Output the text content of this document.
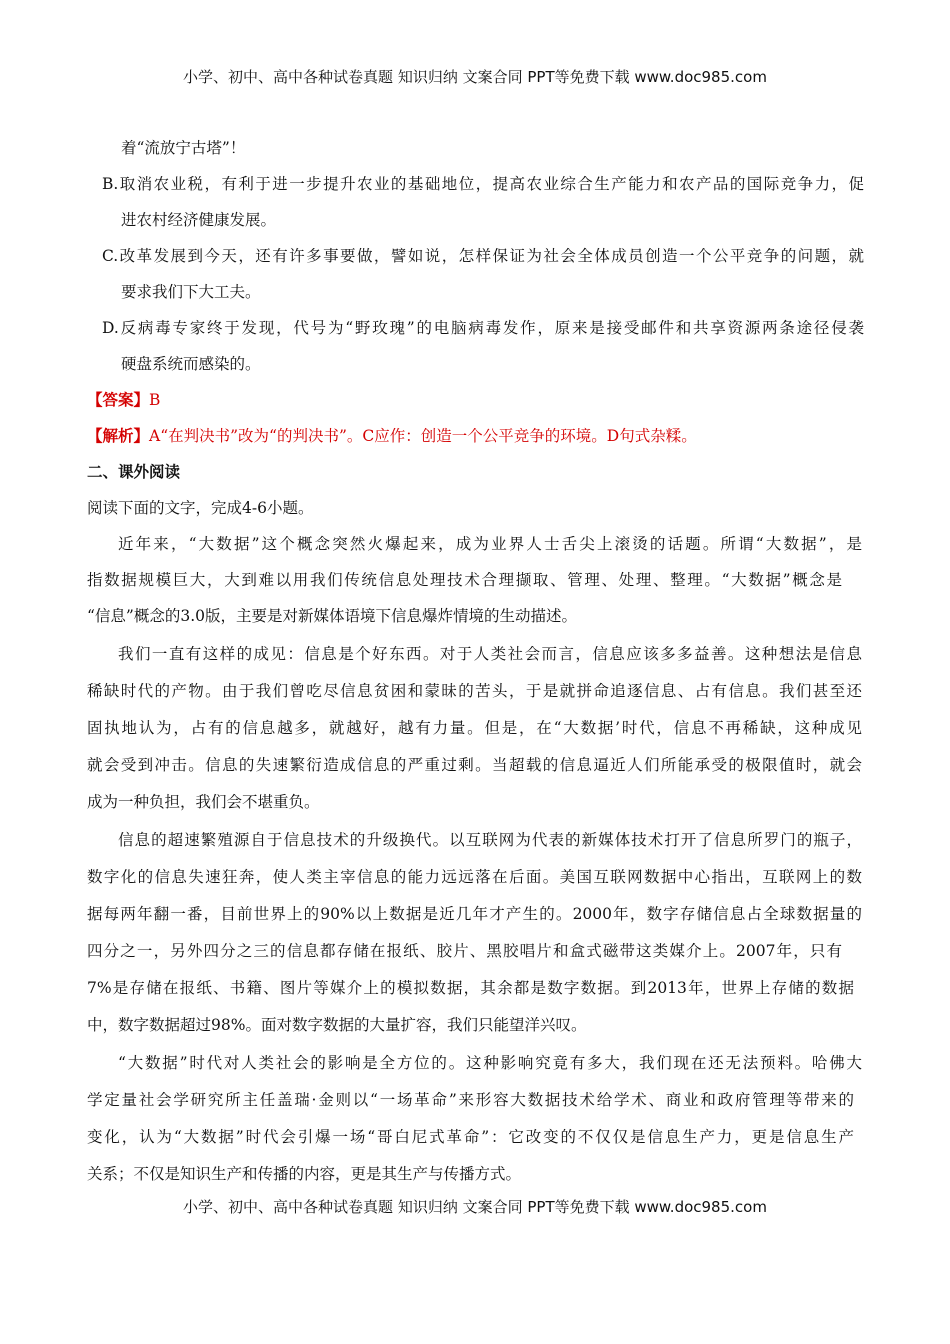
小学、初中、高中各种试卷真题 知识归纳 文案合同 PPT等免费下载 www.doc985.com
着“流放宁古塔”！
B.取消农业税，有利于进一步提升农业的基础地位，提高农业综合生产能力和农产品的国际竞争力，促
进农村经济健康发展。
C.改革发展到今天，还有许多事要做，譬如说，怎样保证为社会全体成员创造一个公平竞争的问题，就
要求我们下大工夫。
D.反病毒专家终于发现，代号为“野玫瑰”的电脑病毒发作，原来是接受邮件和共享资源两条途径侵袭
硬盘系统而感染的。
【答案】B
【解析】A“在判决书”改为“的判决书”。C应作：创造一个公平竞争的环境。D句式杂糅。
二、课外阅读
阅读下面的文字，完成4-6小题。
近年来，“大数据”这个概念突然火爆起来，成为业界人士舌尖上滚烫的话题。所谓“大数据”，是
指数据规模巨大，大到难以用我们传统信息处理技术合理撷取、管理、处理、整理。“大数据”概念是
“信息”概念的3.0版，主要是对新媒体语境下信息爆炸情境的生动描述。
我们一直有这样的成见：信息是个好东西。对于人类社会而言，信息应该多多益善。这种想法是信息
稀缺时代的产物。由于我们曾吃尽信息贫困和蒙昧的苦头，于是就拼命追逐信息、占有信息。我们甚至还
固执地认为，占有的信息越多，就越好，越有力量。但是，在“大数据’时代，信息不再稀缺，这种成见
就会受到冲击。信息的失速繁衍造成信息的严重过剩。当超载的信息逼近人们所能承受的极限值时，就会
成为一种负担，我们会不堪重负。
信息的超速繁殖源自于信息技术的升级换代。以互联网为代表的新媒体技术打开了信息所罗门的瓶子，
数字化的信息失速狂奔，使人类主宰信息的能力远远落在后面。美国互联网数据中心指出，互联网上的数
据每两年翻一番，目前世界上的90%以上数据是近几年才产生的。2000年，数字存储信息占全球数据量的
四分之一，另外四分之三的信息都存储在报纸、胶片、黑胶唱片和盒式磁带这类媒介上。2007年，只有
7%是存储在报纸、书籍、图片等媒介上的模拟数据，其余都是数字数据。到2013年，世界上存储的数据
中，数字数据超过98%。面对数字数据的大量扩容，我们只能望洋兴叹。
“大数据”时代对人类社会的影响是全方位的。这种影响究竟有多大，我们现在还无法预料。哈佛大
学定量社会学研究所主任盖瑞·金则以“一场革命”来形容大数据技术给学术、商业和政府管理等带来的
变化，认为“大数据”时代会引爆一场“哥白尼式革命”：它改变的不仅仅是信息生产力，更是信息生产
关系；不仅是知识生产和传播的内容，更是其生产与传播方式。
小学、初中、高中各种试卷真题 知识归纳 文案合同 PPT等免费下载 www.doc985.com
